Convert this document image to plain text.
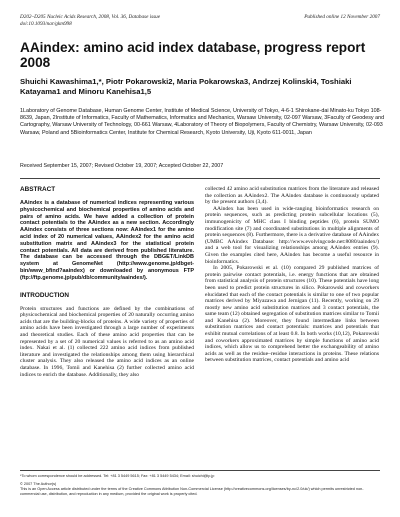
D202–D205 Nucleic Acids Research, 2008, Vol. 36, Database issue
doi:10.1093/nar/gkm998
Published online 12 November 2007
AAindex: amino acid index database, progress report 2008
Shuichi Kawashima1,*, Piotr Pokarowski2, Maria Pokarowska3, Andrzej Kolinski4, Toshiaki Katayama1 and Minoru Kanehisa1,5
1Laboratory of Genome Database, Human Genome Center, Institute of Medical Science, University of Tokyo, 4-6-1 Shirokane-dai Minato-ku Tokyo 108-8639, Japan, 2Institute of Informatics, Faculty of Mathematics, Informatics and Mechanics, Warsaw University, 02-097 Warsaw, 3Faculty of Geodesy and Cartography, Warsaw University of Technology, 00-661 Warsaw, 4Laboratory of Theory of Biopolymers, Faculty of Chemistry, Warsaw University, 02-093 Warsaw, Poland and 5Bioinformatics Center, Institute for Chemical Research, Kyoto University, Uji, Kyoto 611-0011, Japan
Received September 15, 2007; Revised October 19, 2007; Accepted October 22, 2007

ABSTRACT

AAindex is a database of numerical indices representing various physicochemical and biochemical properties of amino acids and pairs of amino acids. We have added a collection of protein contact potentials to the AAindex as a new section. Accordingly AAindex consists of three sections now: AAindex1 for the amino acid index of 20 numerical values, AAindex2 for the amino acid substitution matrix and AAindex3 for the statistical protein contact potentials. All data are derived from published literature. The database can be accessed through the DBGET/LinkDB system at GenomeNet (http://www.genome.jp/dbget-bin/www_bfind?aaindex) or downloaded by anonymous FTP (ftp://ftp.genome.jp/pub/db/community/aaindex/).

INTRODUCTION

Protein structures and functions are defined by the combinations of physicochemical and biochemical properties of 20 naturally occurring amino acids that are the building-blocks of proteins. A wide variety of properties of amino acids have been investigated through a large number of experiments and theoretical studies. Each of these amino acid properties that can be represented by a set of 20 numerical values is referred to as an amino acid index. Nakai et al. (1) collected 222 amino acid indices from published literature and investigated the relationships among them using hierarchical cluster analysis. They also released the amino acid indices as an online database. In 1996, Tomii and Kanehisa (2) further collected amino acid indices to enrich the database. Additionally, they also

collected 42 amino acid substitution matrices from the literature and released the collection as AAindex2. The AAindex database is continuously updated by the present authors (3,4).

AAindex has been used in wide-ranging bioinformatics research on protein sequences, such as predicting protein subcellular locations (5), immunogenicity of MHC class I binding peptides (6), protein SUMO modification site (7) and coordinated substitutions in multiple alignments of protein sequences (8). Furthermore, there is a derivative database of AAindex (UMBC AAindex Database: http://www.evolvingcode.net:8080/aaindex/) and a web tool for visualizing relationships among AAindex entries (9). Given the examples cited here, AAindex has become a useful resource in bioinformatics.

In 2005, Pokarowski et al. (10) compared 29 published matrices of protein pairwise contact potentials, i.e. energy functions that are obtained from statistical analysis of protein structures (10). These potentials have long been used to predict protein structures in silico. Pokarowski and coworkers elucidated that each of the contact potentials is similar to one of two popular matrices derived by Miyazawa and Jernigan (11). Recently, working on 29 mostly new amino acid substitution matrices and 3 contact potentials, the same team (12) obtained segregation of substitution matrices similar to Tomii and Kanehisa (2). Moreover, they found intermediate links between substitution matrices and contact potentials: matrices and potentials that exhibit mutual correlations of at least 0.8. In both works (10,12), Pokarowski and coworkers approximated matrices by simple functions of amino acid indices, which allow us to comprehend better the exchangeability of amino acids as well as the residue–residue interactions in proteins. These relations between substitution matrices, contact potentials and amino acid

*To whom correspondence should be addressed. Tel: +81 3 5449 5615; Fax: +81 3 5449 5434; Email: shuichi@ip.jp

© 2007 The Author(s)

This is an Open Access article distributed under the terms of the Creative Commons Attribution Non-Commercial License (http://creativecommons.org/licenses/by-nc/2.0/uk/) which permits unrestricted non-commercial use, distribution, and reproduction in any medium, provided the original work is properly cited.
